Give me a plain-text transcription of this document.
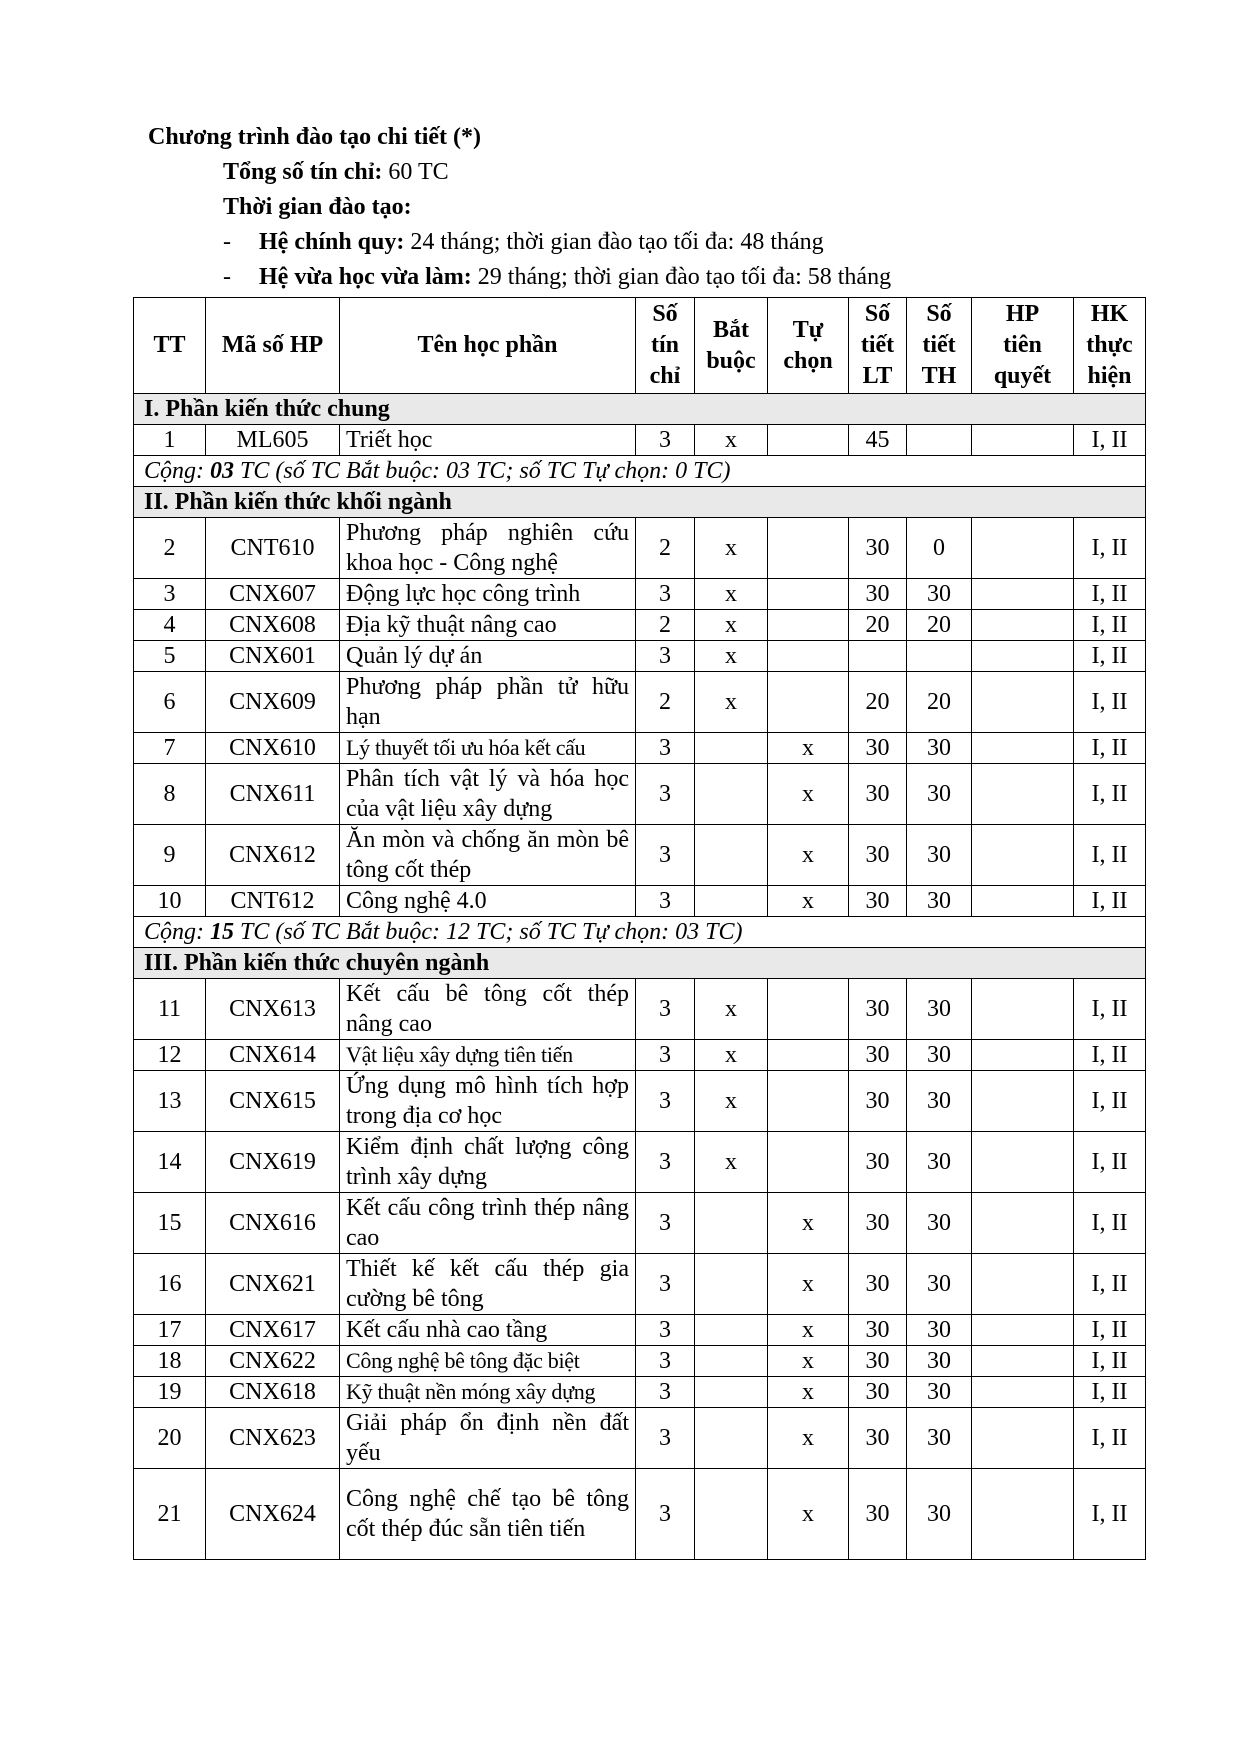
Chương trình đào tạo chi tiết (*)
Tổng số tín chỉ: 60 TC
Thời gian đào tạo:
- Hệ chính quy: 24 tháng; thời gian đào tạo tối đa: 48 tháng
- Hệ vừa học vừa làm: 29 tháng; thời gian đào tạo tối đa: 58 tháng
TT	Mã số HP	Tên học phần	Số
tín
chỉ	Bắt
buộc	Tự
chọn	Số
tiết
LT	Số
tiết
TH	HP
tiên
quyết	HK
thực
hiện
I. Phần kiến thức chung									
1	ML605	Triết học	3	x		45			I, II
Cộng: 03 TC (số TC Bắt buộc: 03 TC; số TC Tự chọn: 0 TC)									
II. Phần kiến thức khối ngành									
2	CNT610	Phương pháp nghiên cứu khoa học - Công nghệ	2	x		30	0		I, II
3	CNX607	Động lực học công trình	3	x		30	30		I, II
4	CNX608	Địa kỹ thuật nâng cao	2	x		20	20		I, II
5	CNX601	Quản lý dự án	3	x					I, II
6	CNX609	Phương pháp phần tử hữu hạn	2	x		20	20		I, II
7	CNX610	Lý thuyết tối ưu hóa kết cấu	3		x	30	30		I, II
8	CNX611	Phân tích vật lý và hóa học của vật liệu xây dựng	3		x	30	30		I, II
9	CNX612	Ăn mòn và chống ăn mòn bê tông cốt thép	3		x	30	30		I, II
10	CNT612	Công nghệ 4.0	3		x	30	30		I, II
Cộng: 15 TC (số TC Bắt buộc: 12 TC; số TC Tự chọn: 03 TC)									
III. Phần kiến thức chuyên ngành									
11	CNX613	Kết cấu bê tông cốt thép nâng cao	3	x		30	30		I, II
12	CNX614	Vật liệu xây dựng tiên tiến	3	x		30	30		I, II
13	CNX615	Ứng dụng mô hình tích hợp trong địa cơ học	3	x		30	30		I, II
14	CNX619	Kiểm định chất lượng công trình xây dựng	3	x		30	30		I, II
15	CNX616	Kết cấu công trình thép nâng cao	3		x	30	30		I, II
16	CNX621	Thiết kế kết cấu thép gia cường bê tông	3		x	30	30		I, II
17	CNX617	Kết cấu nhà cao tầng	3		x	30	30		I, II
18	CNX622	Công nghệ bê tông đặc biệt	3		x	30	30		I, II
19	CNX618	Kỹ thuật nền móng xây dựng	3		x	30	30		I, II
20	CNX623	Giải pháp ổn định nền đất yếu	3		x	30	30		I, II
21	CNX624	Công nghệ chế tạo bê tông cốt thép đúc sẵn tiên tiến	3		x	30	30		I, II
